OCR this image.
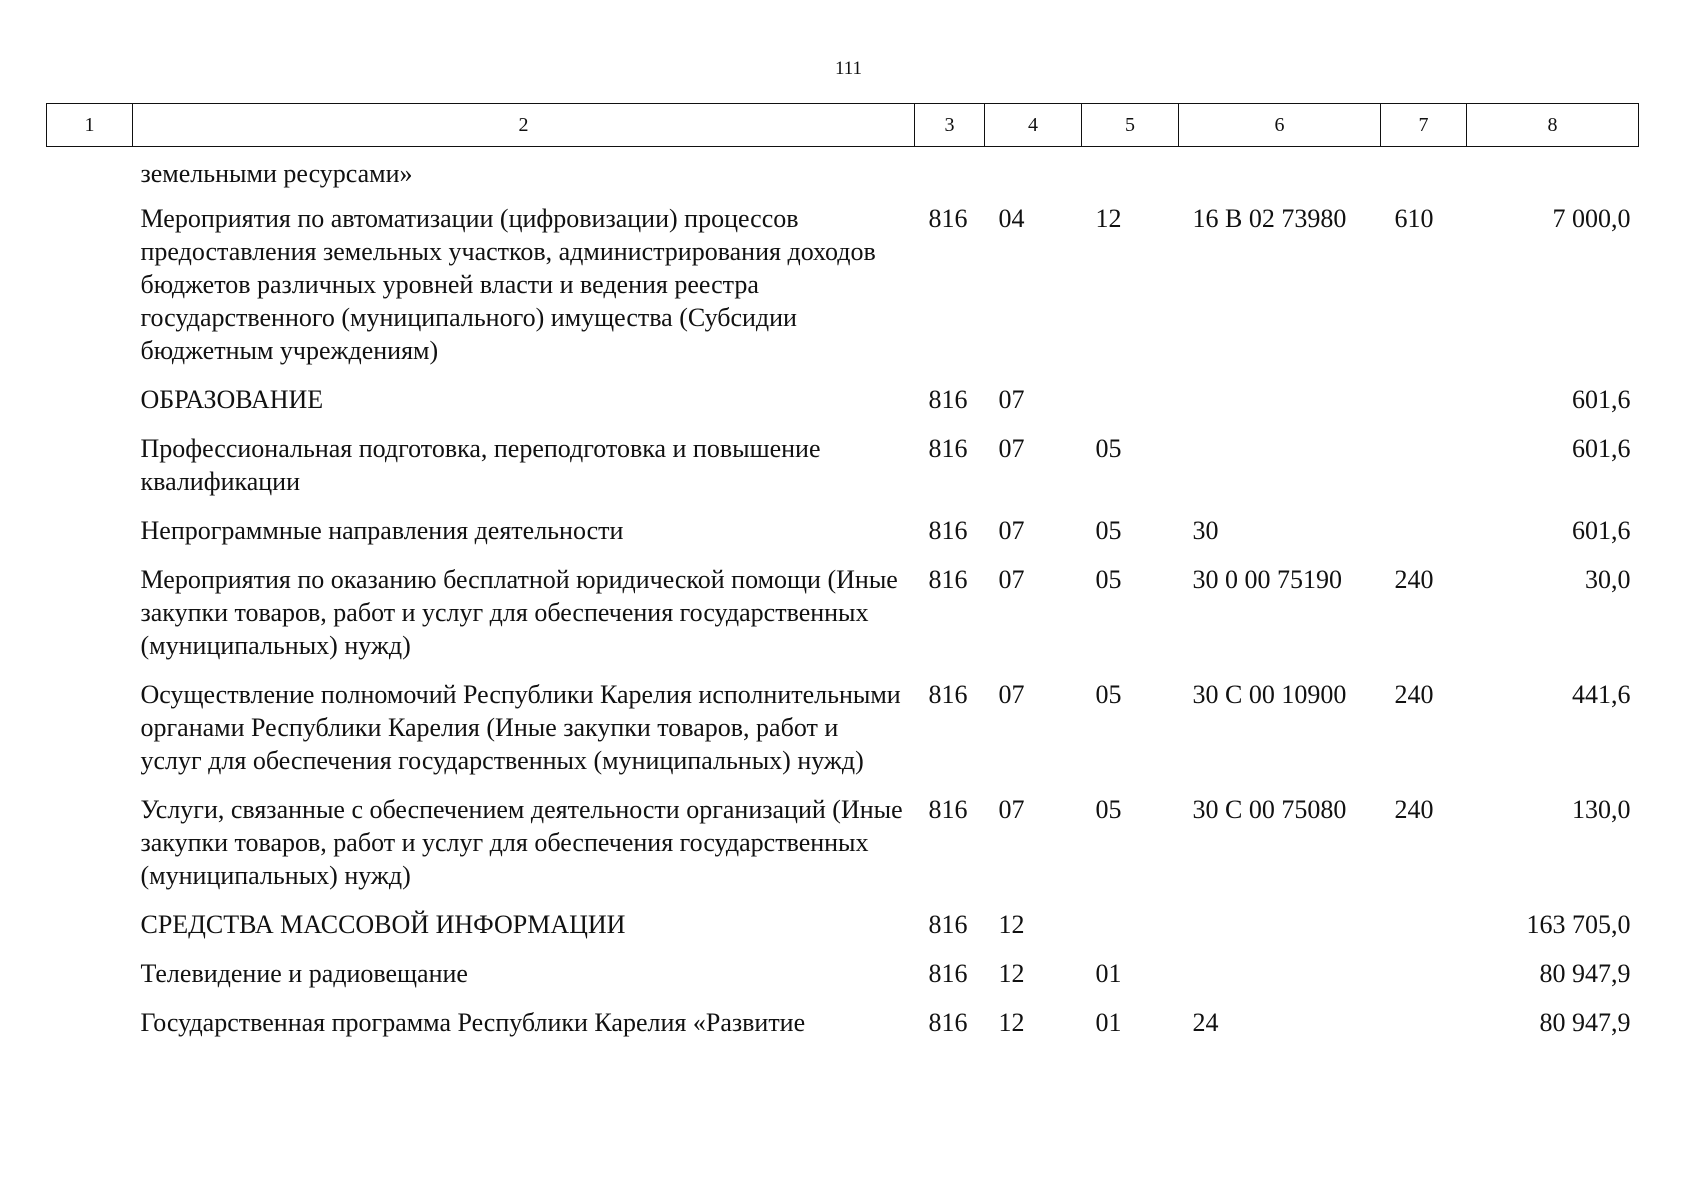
111
1	2	3	4	5	6	7	8
	земельными ресурсами»						
	Мероприятия по автоматизации (цифровизации) процессов предоставления земельных участков, администрирования доходов бюджетов различных уровней власти и ведения реестра государственного (муниципального) имущества (Субсидии бюджетным учреждениям)	816	04	12	16 В 02 73980	610	7 000,0
	ОБРАЗОВАНИЕ	816	07				601,6
	Профессиональная подготовка, переподготовка и повышение квалификации	816	07	05			601,6
	Непрограммные направления деятельности	816	07	05	30		601,6
	Мероприятия по оказанию бесплатной юридической помощи (Иные закупки товаров, работ и услуг для обеспечения государственных (муниципальных) нужд)	816	07	05	30 0 00 75190	240	30,0
	Осуществление полномочий Республики Карелия исполнительными органами Республики Карелия (Иные закупки товаров, работ и услуг для обеспечения государственных (муниципальных) нужд)	816	07	05	30 С 00 10900	240	441,6
	Услуги, связанные с обеспечением деятельности организаций (Иные закупки товаров, работ и услуг для обеспечения государственных (муниципальных) нужд)	816	07	05	30 С 00 75080	240	130,0
	СРЕДСТВА МАССОВОЙ ИНФОРМАЦИИ	816	12				163 705,0
	Телевидение и радиовещание	816	12	01			80 947,9
	Государственная программа Республики Карелия «Развитие	816	12	01	24		80 947,9
